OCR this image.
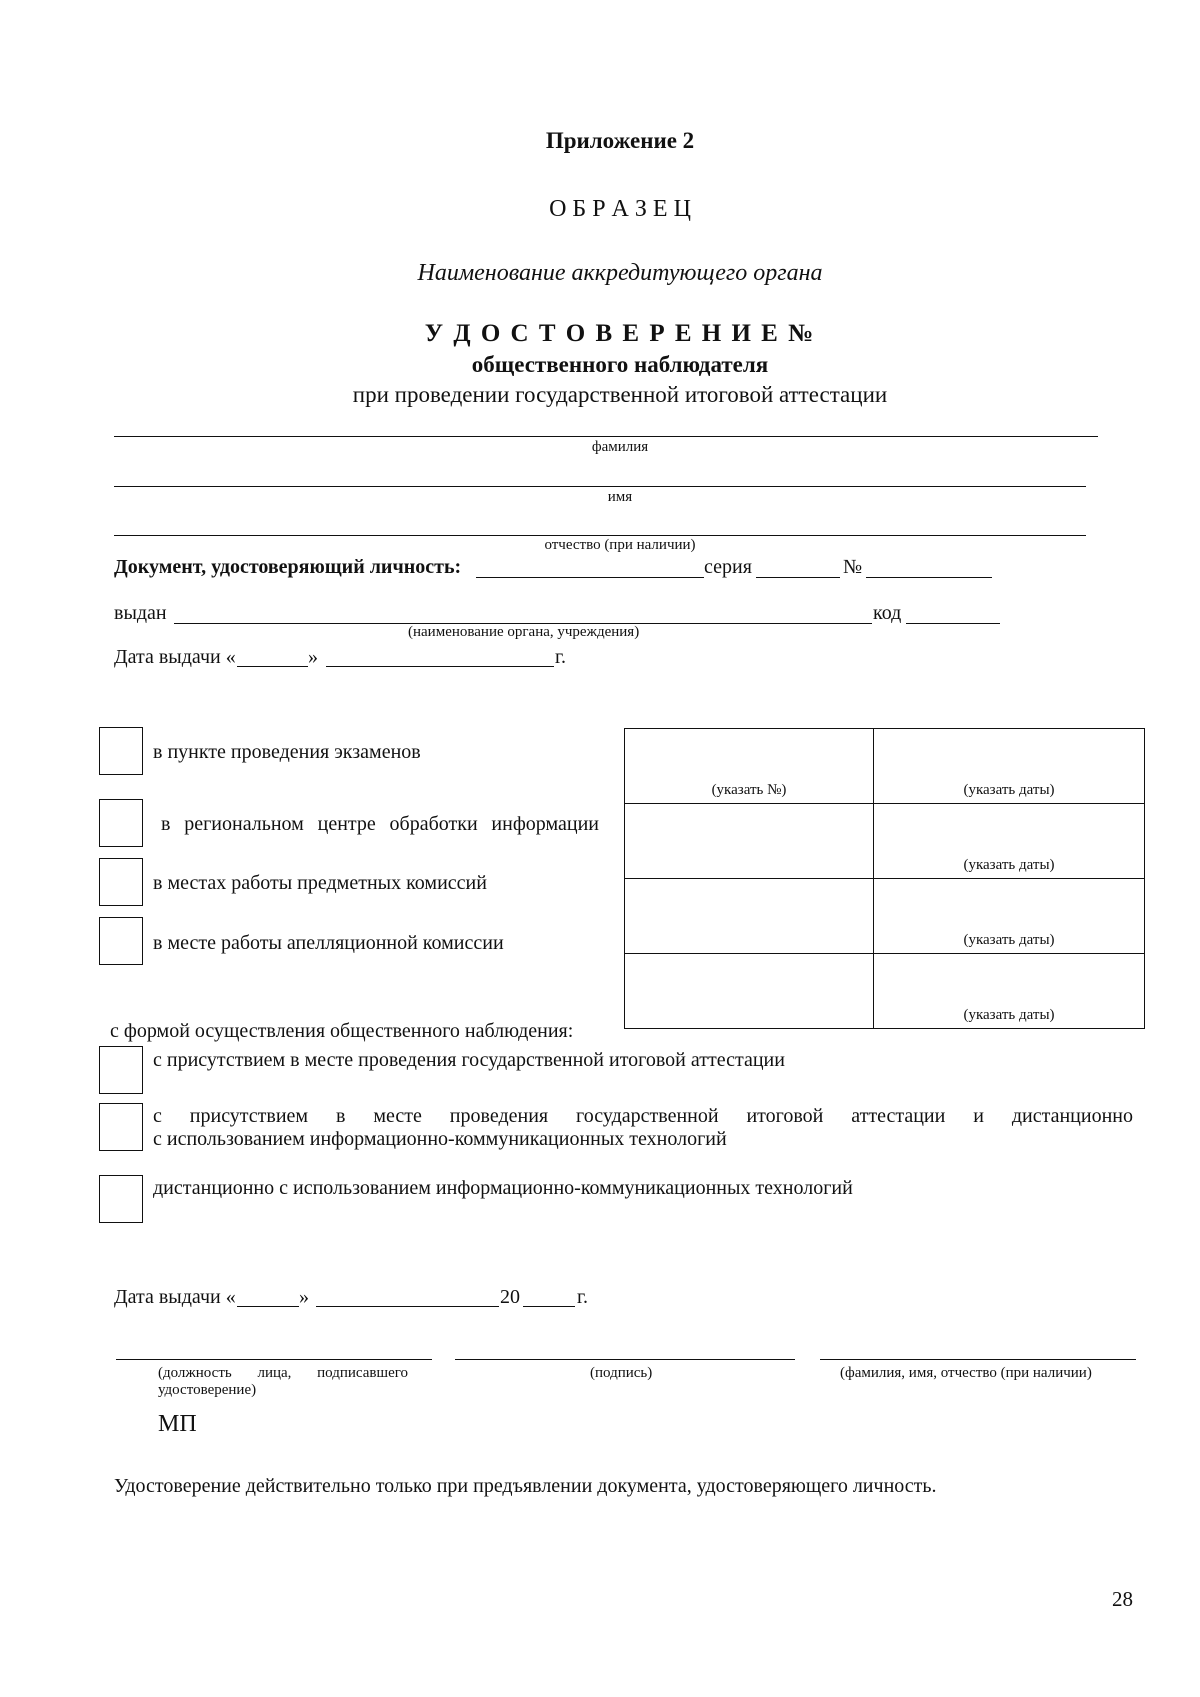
Приложение 2
О Б Р А З Е Ц
Наименование аккредитующего органа
У Д О С Т О В Е Р Е Н И Е №
общественного наблюдателя
при проведении государственной итоговой аттестации
фамилия
имя
отчество (при наличии)
Документ, удостоверяющий личность:	серия	№
выдан	код
(наименование органа, учреждения)
Дата выдачи «	»	г.
в пункте проведения экзаменов
в региональном центре обработки информации
в местах работы предметных комиссий
в месте работы апелляционной комиссии
(указать №)	(указать даты)
	(указать даты)
	(указать даты)
	(указать даты)
с формой осуществления общественного наблюдения:
с присутствием в месте проведения государственной итоговой аттестации
с присутствием в месте проведения государственной итоговой аттестации и дистанционно
с использованием информационно-коммуникационных технологий
дистанционно с использованием информационно-коммуникационных технологий
Дата выдачи «	»	20	г.
(должность лица, подписавшего удостоверение)
(подпись)	(фамилия, имя, отчество (при наличии)
МП
Удостоверение действительно только при предъявлении документа, удостоверяющего личность.
28
